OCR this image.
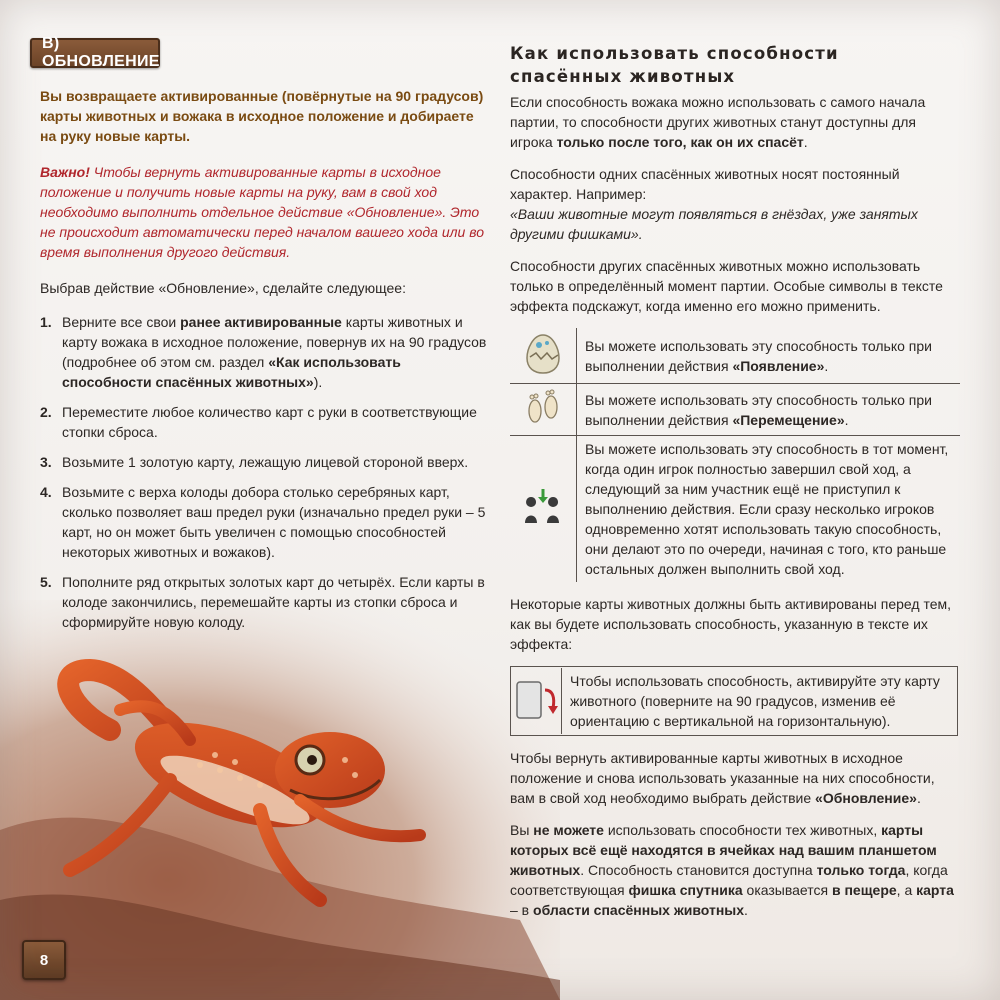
В) ОБНОВЛЕНИЕ

Вы возвращаете активированные (повёрнутые на 90 градусов) карты животных и вожака в исходное положение и добираете на руку новые карты.

Важно! Чтобы вернуть активированные карты в исходное положение и получить новые карты на руку, вам в свой ход необходимо выполнить отдельное действие «Обновление». Это не происходит автоматически перед началом вашего хода или во время выполнения другого действия.

Выбрав действие «Обновление», сделайте следующее:

1. Верните все свои ранее активированные карты животных и карту вожака в исходное положение, повернув их на 90 градусов (подробнее об этом см. раздел «Как использовать способности спасённых животных»).
2. Переместите любое количество карт с руки в соответствующие стопки сброса.
3. Возьмите 1 золотую карту, лежащую лицевой стороной вверх.
4. Возьмите с верха колоды добора столько серебряных карт, сколько позволяет ваш предел руки (изначально предел руки – 5 карт, но он может быть увеличен с помощью способностей некоторых животных и вожаков).
5. Пополните ряд открытых золотых карт до четырёх. Если карты в колоде закончились, перемешайте карты из стопки сброса и сформируйте новую колоду.
Как использовать способности
спасённых животных

Если способность вожака можно использовать с самого начала партии, то способности других животных станут доступны для игрока только после того, как он их спасёт.

Способности одних спасённых животных носят постоянный характер. Например:
«Ваши животные могут появляться в гнёздах, уже занятых другими фишками».

Способности других спасённых животных можно использовать только в определённый момент партии. Особые символы в тексте эффекта подскажут, когда именно его можно применить.

	Вы можете использовать эту способность только при выполнении действия «Появление».
	Вы можете использовать эту способность только при выполнении действия «Перемещение».
	Вы можете использовать эту способность в тот момент, когда один игрок полностью завершил свой ход, а следующий за ним участник ещё не приступил к выполнению действия. Если сразу несколько игроков одновременно хотят использовать такую способность, они делают это по очереди, начиная с того, кто раньше остальных должен выполнить свой ход.

Некоторые карты животных должны быть активированы перед тем, как вы будете использовать способность, указанную в тексте их эффекта:

Чтобы использовать способность, активируйте эту карту животного (поверните на 90 градусов, изменив её ориентацию с вертикальной на горизонтальную).

Чтобы вернуть активированные карты животных в исходное положение и снова использовать указанные на них способности, вам в свой ход необходимо выбрать действие «Обновление».

Вы не можете использовать способности тех животных, карты которых всё ещё находятся в ячейках над вашим планшетом животных. Способность становится доступна только тогда, когда соответствующая фишка спутника оказывается в пещере, а карта – в области спасённых животных.

8
